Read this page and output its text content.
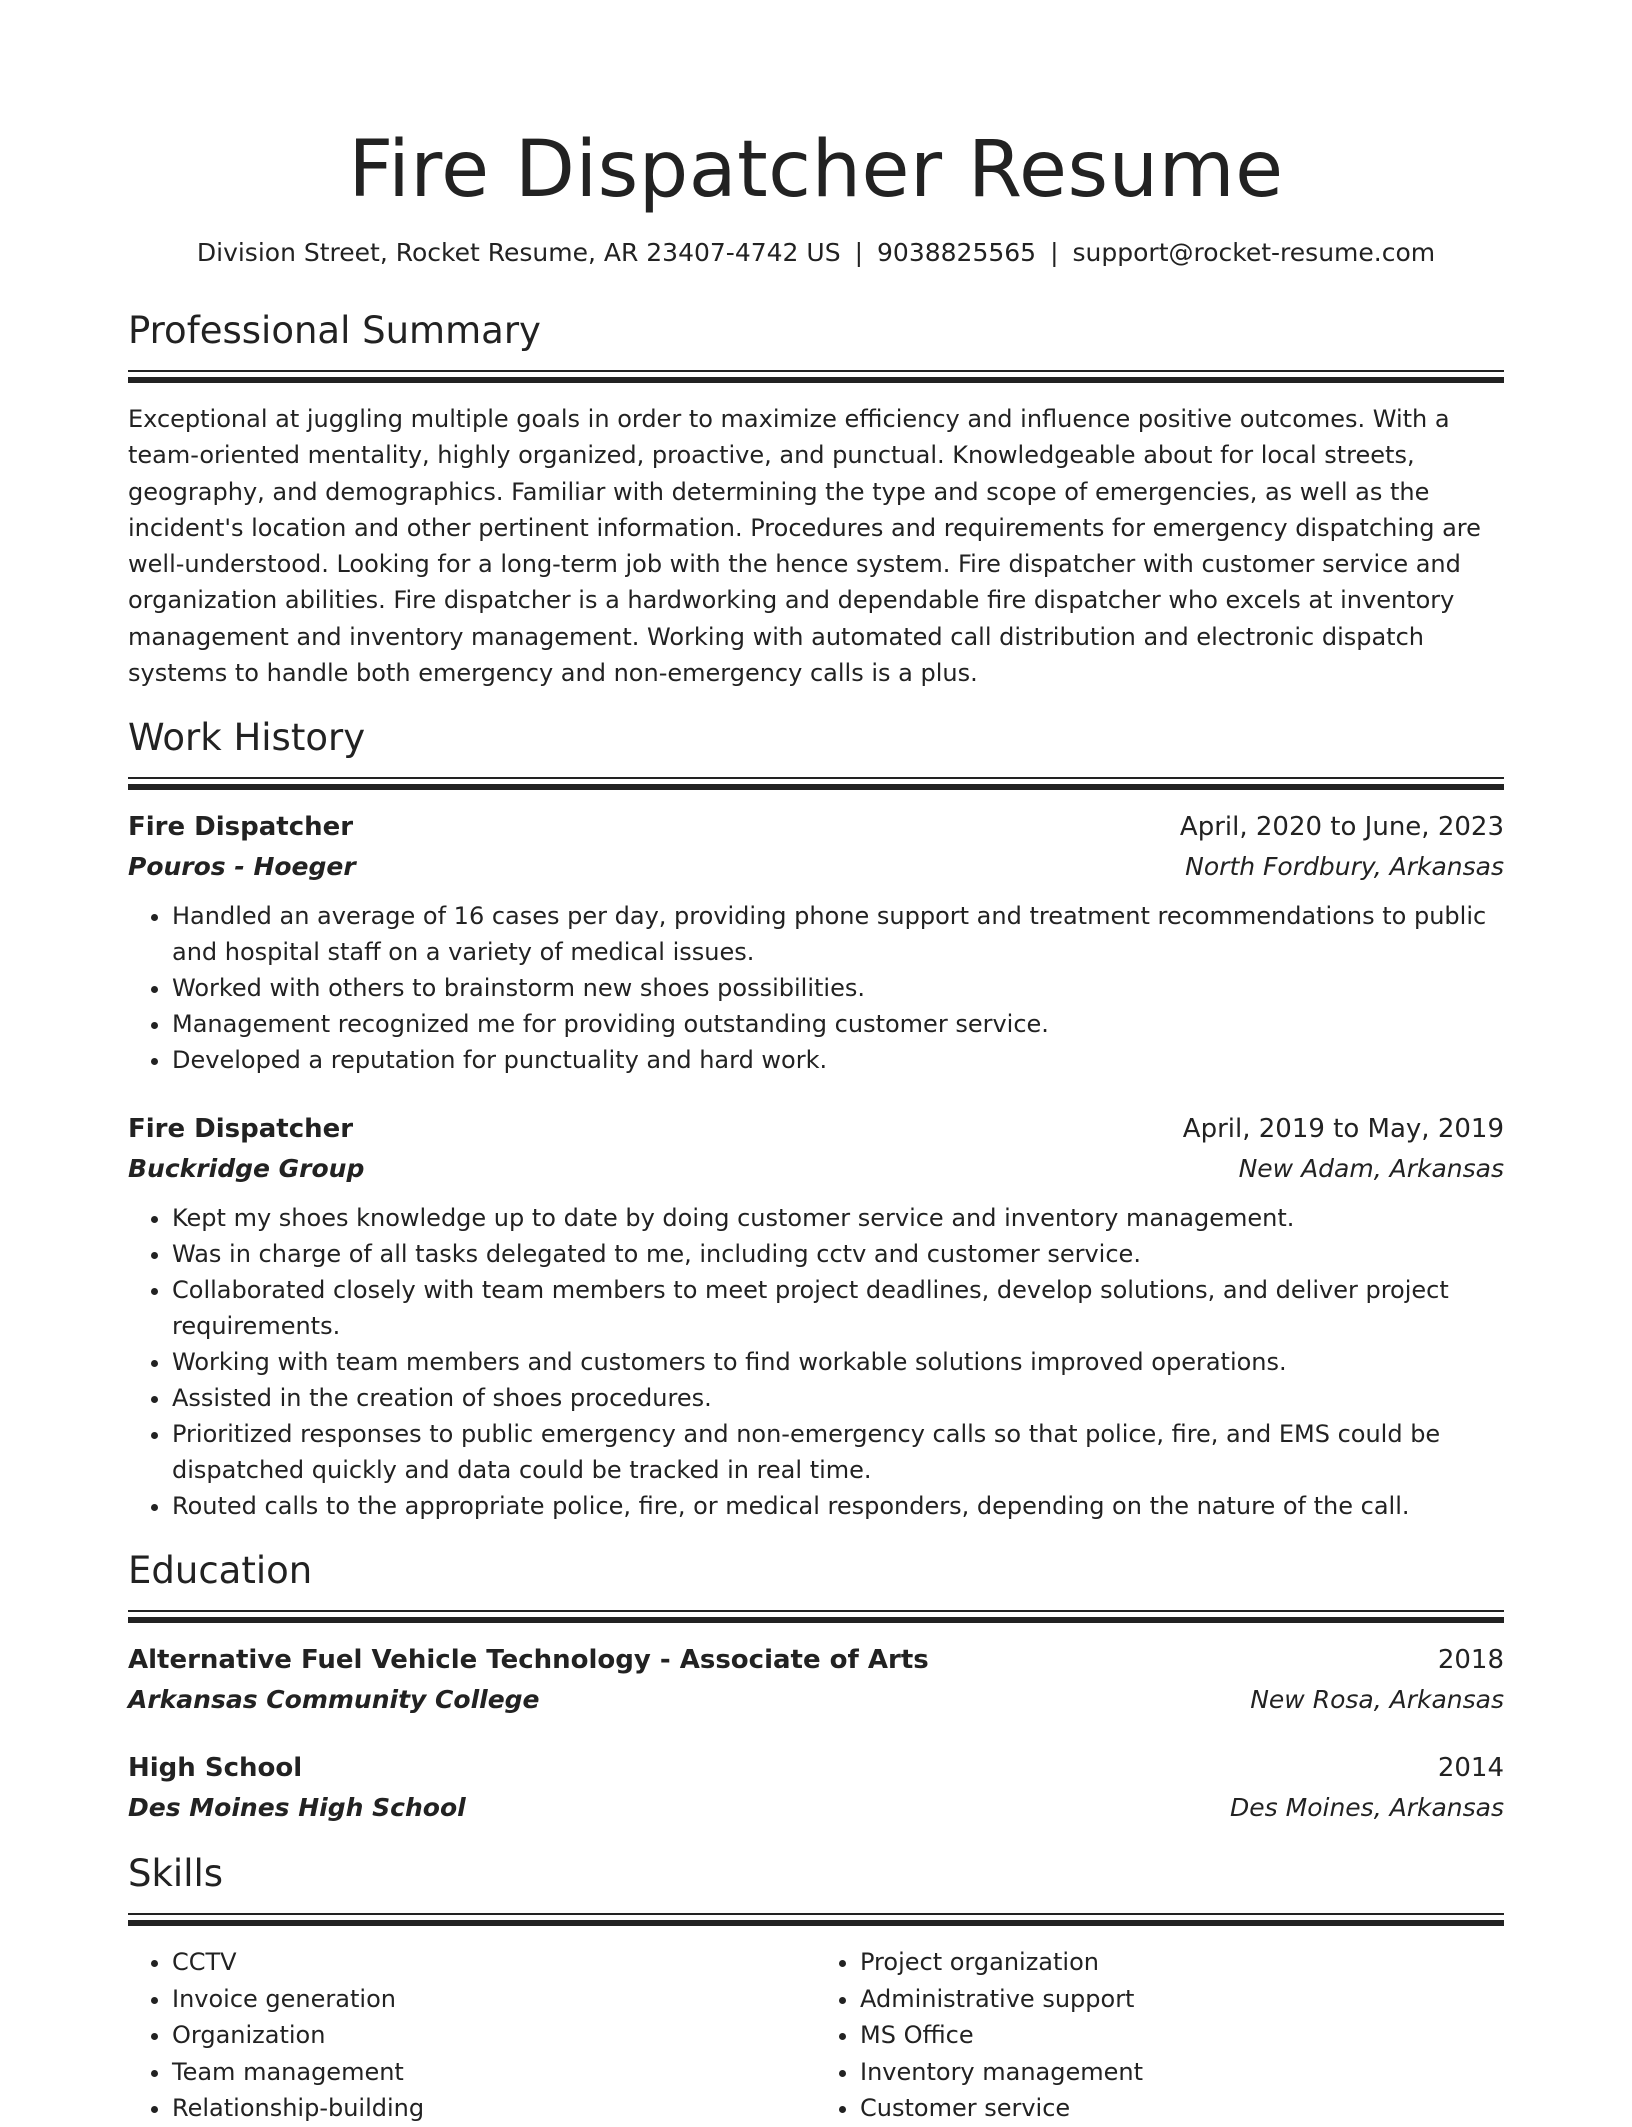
Fire Dispatcher Resume
Division Street, Rocket Resume, AR 23407-4742 US | 9038825565 | support@rocket-resume.com
Professional Summary

Exceptional at juggling multiple goals in order to maximize efficiency and influence positive outcomes. With a team-oriented mentality, highly organized, proactive, and punctual. Knowledgeable about for local streets, geography, and demographics. Familiar with determining the type and scope of emergencies, as well as the incident's location and other pertinent information. Procedures and requirements for emergency dispatching are well-understood. Looking for a long-term job with the hence system. Fire dispatcher with customer service and organization abilities. Fire dispatcher is a hardworking and dependable fire dispatcher who excels at inventory management and inventory management. Working with automated call distribution and electronic dispatch systems to handle both emergency and non-emergency calls is a plus.

Work History
Fire Dispatcher	April, 2020 to June, 2023
Pouros - Hoeger	North Fordbury, Arkansas
• Handled an average of 16 cases per day, providing phone support and treatment recommendations to public and hospital staff on a variety of medical issues.
• Worked with others to brainstorm new shoes possibilities.
• Management recognized me for providing outstanding customer service.
• Developed a reputation for punctuality and hard work.
Fire Dispatcher	April, 2019 to May, 2019
Buckridge Group	New Adam, Arkansas
• Kept my shoes knowledge up to date by doing customer service and inventory management.
• Was in charge of all tasks delegated to me, including cctv and customer service.
• Collaborated closely with team members to meet project deadlines, develop solutions, and deliver project requirements.
• Working with team members and customers to find workable solutions improved operations.
• Assisted in the creation of shoes procedures.
• Prioritized responses to public emergency and non-emergency calls so that police, fire, and EMS could be dispatched quickly and data could be tracked in real time.
• Routed calls to the appropriate police, fire, or medical responders, depending on the nature of the call.
Education
Alternative Fuel Vehicle Technology - Associate of Arts	2018
Arkansas Community College	New Rosa, Arkansas
High School	2014
Des Moines High School	Des Moines, Arkansas
Skills
• CCTV
• Invoice generation
• Organization
• Team management
• Relationship-building
• Project organization
• Administrative support
• MS Office
• Inventory management
• Customer service
